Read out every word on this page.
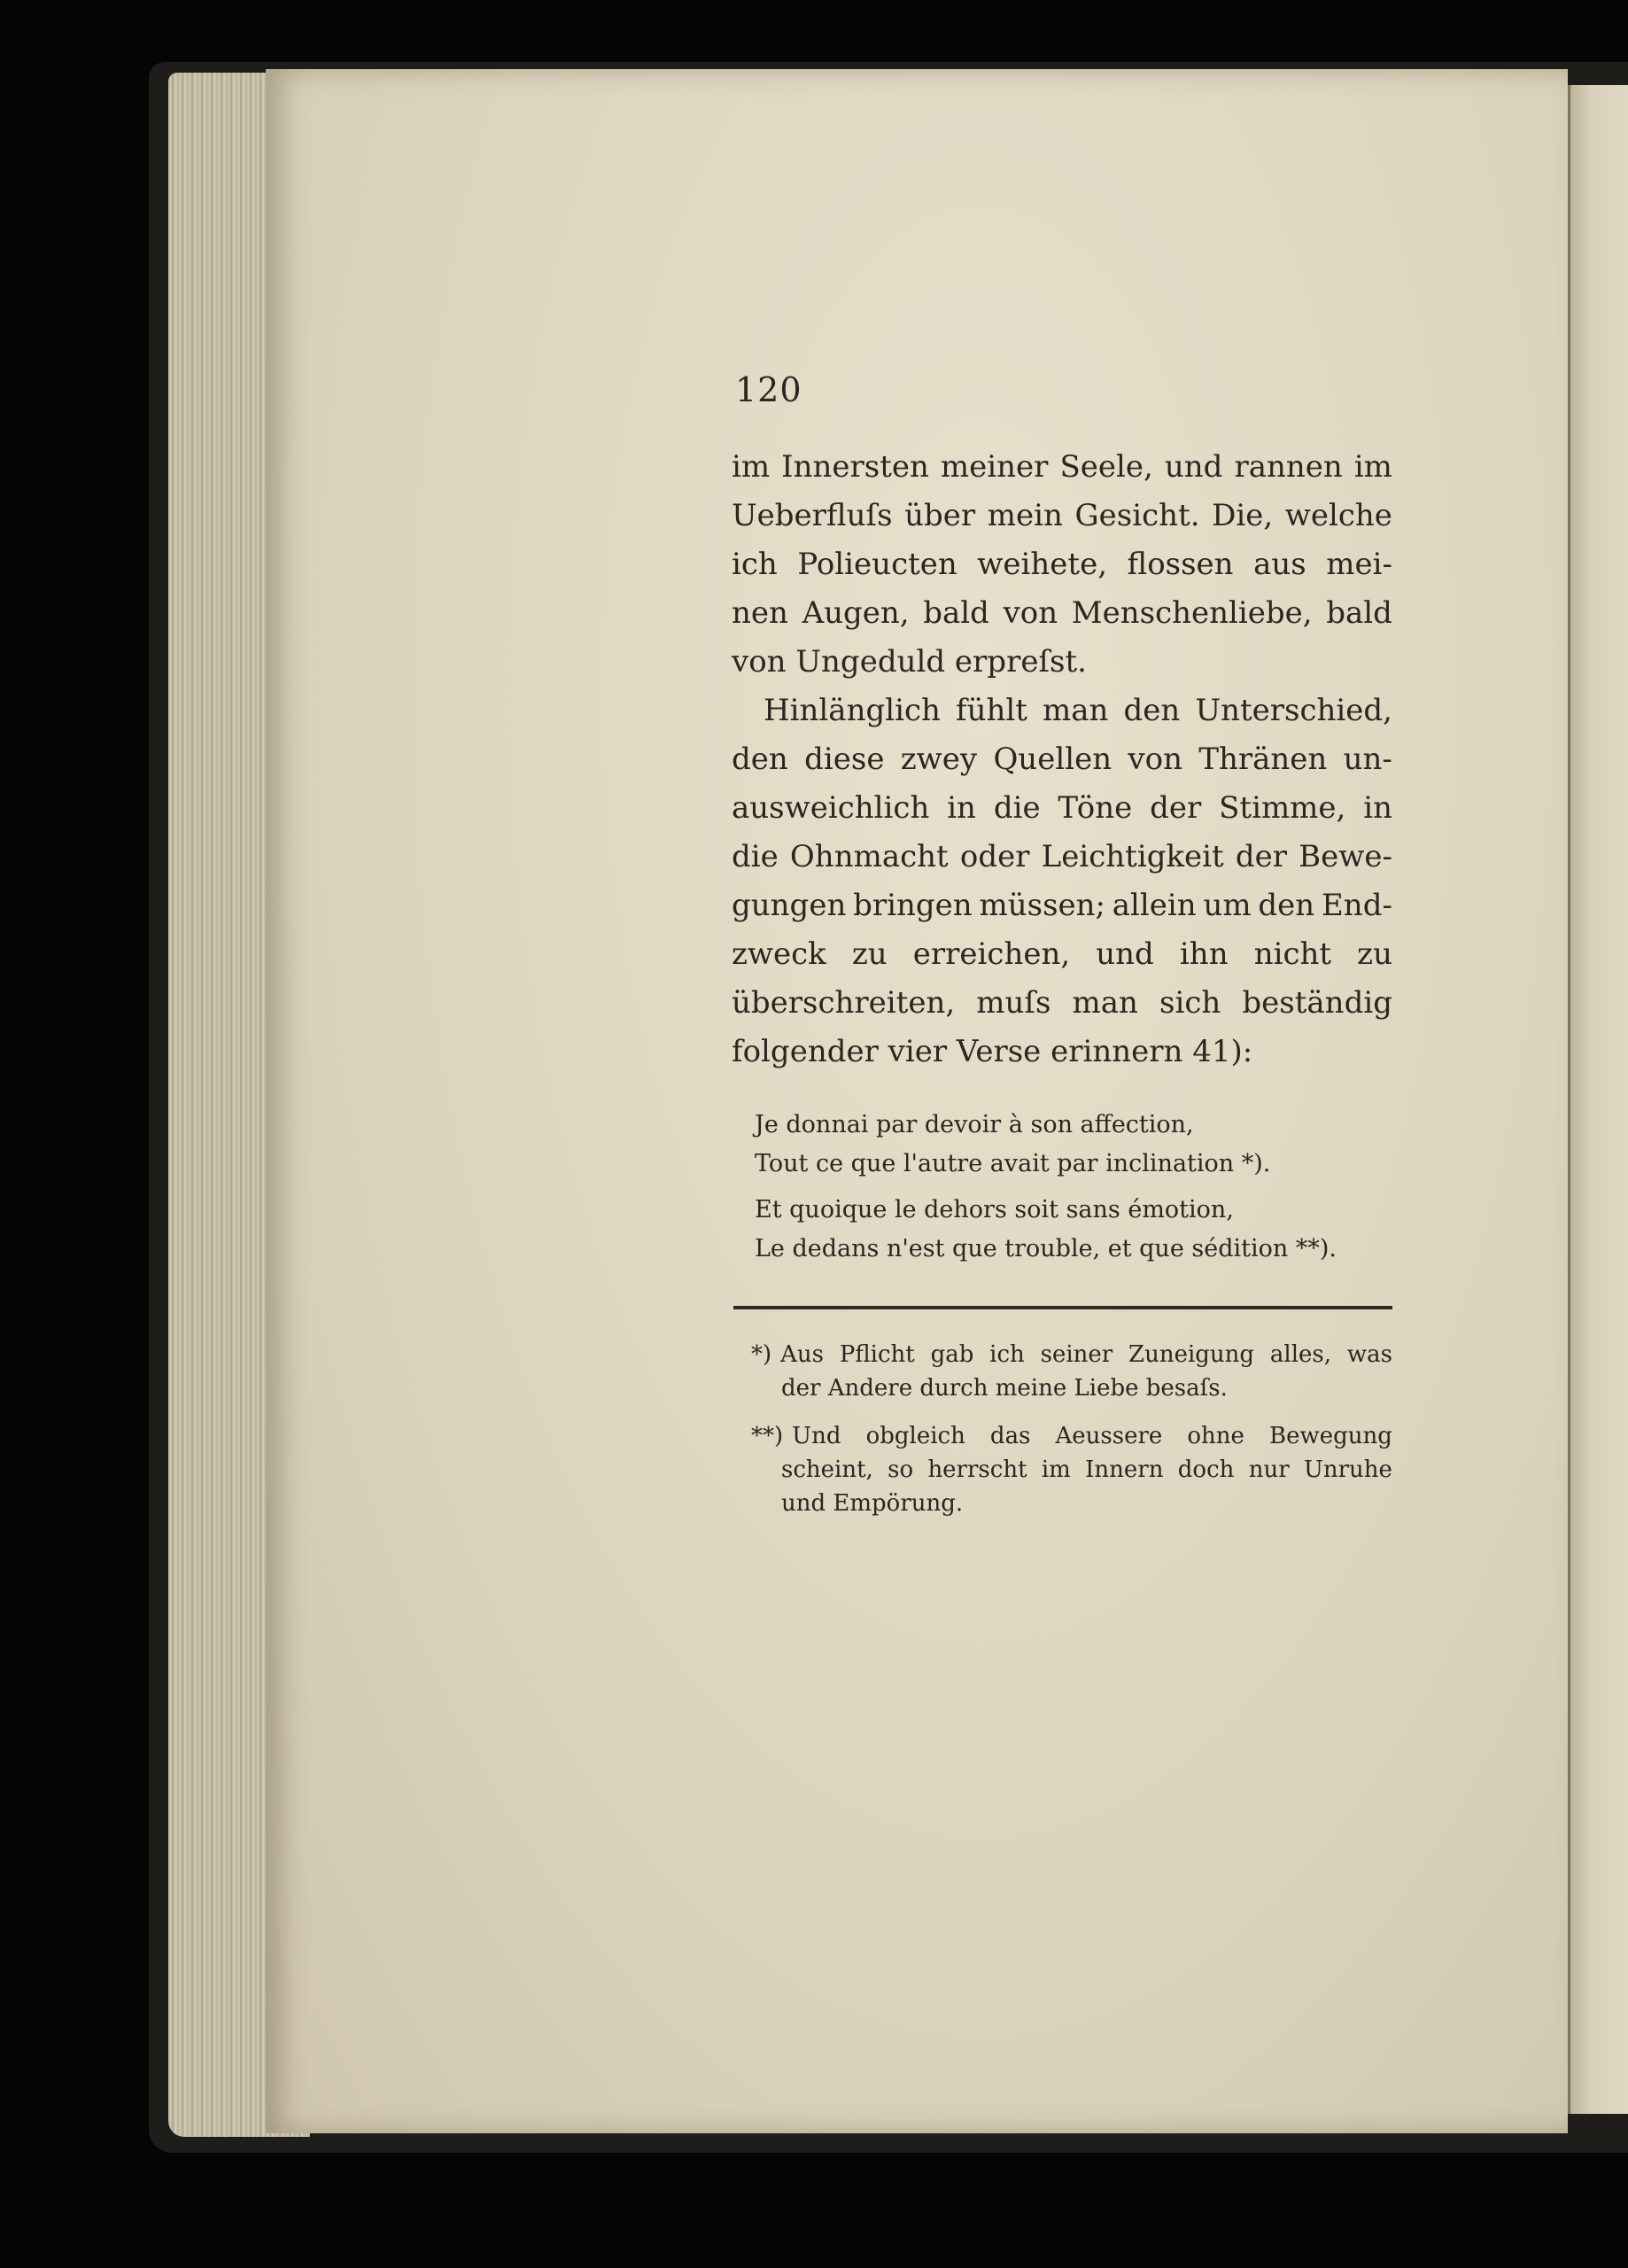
120
im Innersten meiner Seele, und rannen im
Ueberfluſs über mein Gesicht. Die, welche
ich Polieucten weihete, flossen aus mei-
nen Augen, bald von Menschenliebe, bald
von Ungeduld erpreſst.
Hinlänglich fühlt man den Unterschied,
den diese zwey Quellen von Thränen un-
ausweichlich in die Töne der Stimme, in
die Ohnmacht oder Leichtigkeit der Bewe-
gungen bringen müssen; allein um den End-
zweck zu erreichen, und ihn nicht zu
überschreiten, muſs man sich beständig
folgender vier Verse erinnern 41):
Je donnai par devoir à son affection,
Tout ce que l'autre avait par inclination *).
Et quoique le dehors soit sans émotion,
Le dedans n'est que trouble, et que sédition **).
*) Aus Pflicht gab ich seiner Zuneigung alles, was
der Andere durch meine Liebe besaſs.
**) Und obgleich das Aeussere ohne Bewegung
scheint, so herrscht im Innern doch nur Unruhe
und Empörung.
